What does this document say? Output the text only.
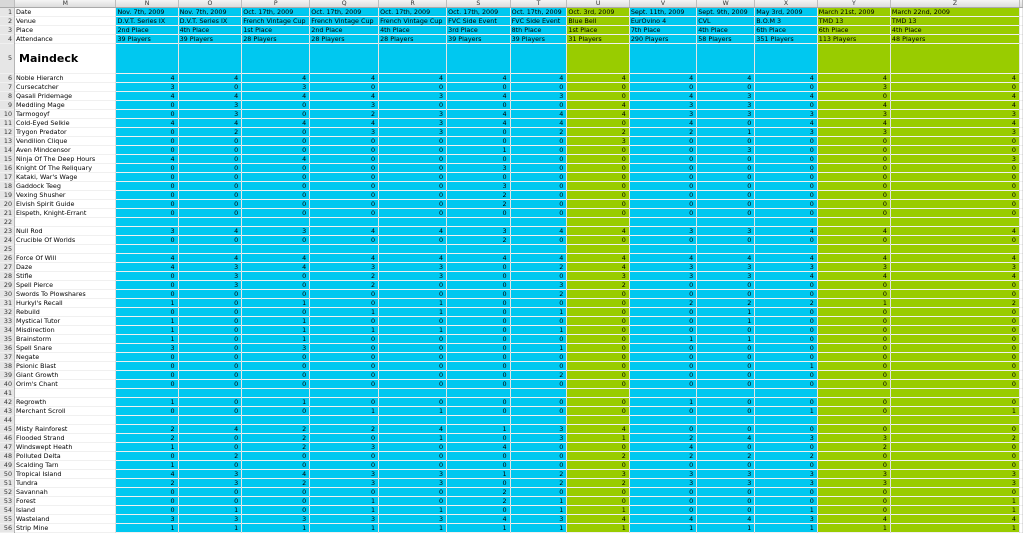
	M	N	O	P	Q	R	S	T	U	V	W	X	Y	Z	
1	Date	Nov. 7th, 2009	Nov. 7th, 2009	Oct. 17th, 2009	Oct. 17th, 2009	Oct. 17th, 2009	Oct. 17th, 2009	Oct. 17th, 2009	Oct. 3rd, 2009	Sept. 11th, 2009	Sept. 9th, 2009	May 3rd, 2009	March 21st, 2009	March 22nd, 2009	
2	Venue	D.V.T. Series IX	D.V.T. Series IX	French Vintage Cup	French Vintage Cup	French Vintage Cup	FVC Side Event	FVC Side Event	Blue Bell	EurOvino 4	CVL	B.O.M 3	TMD 13	TMD 13	
3	Place	2nd Place	4th Place	1st Place	2nd Place	4th Place	3rd Place	8th Place	1st Place	7th Place	4th Place	6th Place	6th Place	4th Place	
4	Attendance	39 Players	39 Players	28 Players	28 Players	28 Players	39 Players	39 Players	31 Players	290 Players	58 Players	351 Players	113 Players	48 Players	
5	Maindeck														
6	Noble Hierarch	4	4	4	4	4	4	4	4	4	4	4	4	4	
7	Cursecatcher	3	0	3	0	0	0	0	0	0	0	0	3	0	
8	Qasali Pridemage	4	4	4	4	3	4	3	0	4	3	4	0	4	
9	Meddling Mage	0	3	0	3	0	0	0	4	3	3	0	4	4	
10	Tarmogoyf	0	3	0	2	3	4	4	4	3	3	3	3	3	
11	Cold-Eyed Selkie	4	4	4	4	3	4	4	0	4	0	4	4	4	
12	Trygon Predator	0	2	0	3	3	0	2	2	2	1	3	3	3	
13	Vendilion Clique	0	0	0	0	0	0	0	3	0	0	0	0	0	
14	Aven Mindcensor	0	0	0	0	0	1	0	0	0	3	0	0	0	
15	Ninja Of The Deep Hours	4	0	4	0	0	0	0	0	0	0	0	0	3	
16	Knight Of The Reliquary	0	0	0	0	0	3	0	0	0	0	0	0	0	
17	Kataki, War's Wage	0	0	0	0	0	0	0	0	0	0	0	0	0	
18	Gaddock Teeg	0	0	0	0	0	3	0	0	0	0	0	0	0	
19	Vexing Shusher	0	0	0	0	0	2	0	0	0	0	0	0	0	
20	Elvish Spirit Guide	0	0	0	0	0	2	0	0	0	0	0	0	0	
21	Elspeth, Knight-Errant	0	0	0	0	0	0	0	0	0	0	0	0	0	
22															
23	Null Rod	3	4	3	4	4	3	4	4	3	3	4	4	4	
24	Crucible Of Worlds	0	0	0	0	0	2	0	0	0	0	0	0	0	
25															
26	Force Of Will	4	4	4	4	4	4	4	4	4	4	4	4	4	
27	Daze	4	3	4	3	3	0	2	4	3	3	3	3	3	
28	Stifle	0	3	0	2	3	0	0	3	3	3	4	4	4	
29	Spell Pierce	0	3	0	2	0	0	3	2	0	0	0	0	0	
30	Swords To Plowshares	0	0	0	0	0	0	2	0	0	0	0	0	0	
31	Hurkyl's Recall	1	0	1	0	1	0	0	0	2	2	2	1	2	
32	Rebuild	0	0	0	1	1	0	1	0	0	1	0	0	0	
33	Mystical Tutor	1	0	1	0	0	0	0	0	0	1	0	0	0	
34	Misdirection	1	0	1	1	1	0	1	0	0	0	0	0	0	
35	Brainstorm	1	0	1	0	0	0	0	0	1	1	0	0	0	
36	Spell Snare	3	0	3	0	0	0	1	0	0	0	0	0	0	
37	Negate	0	0	0	0	0	0	0	0	0	0	0	0	0	
38	Psionic Blast	0	0	0	0	0	0	0	0	0	0	1	0	0	
39	Giant Growth	0	0	0	0	0	0	2	0	0	0	0	0	0	
40	Orim's Chant	0	0	0	0	0	0	0	0	0	0	0	0	0	
41															
42	Regrowth	1	0	1	0	0	0	0	0	1	0	0	0	0	
43	Merchant Scroll	0	0	0	1	1	0	0	0	0	0	1	0	1	
44															
45	Misty Rainforest	2	4	2	2	4	1	3	4	0	0	0	0	0	
46	Flooded Strand	2	0	2	0	1	0	3	1	2	4	3	3	2	
47	Windswept Heath	1	0	2	3	0	4	0	0	4	0	0	2	0	
48	Polluted Delta	0	2	0	0	0	0	0	2	2	2	2	0	0	
49	Scalding Tarn	1	0	0	0	0	0	0	0	0	0	0	0	0	
50	Tropical Island	4	3	4	3	3	1	2	3	3	3	3	3	3	
51	Tundra	2	3	2	3	3	0	2	2	3	3	3	3	3	
52	Savannah	0	0	0	0	0	2	0	0	0	0	0	0	0	
53	Forest	0	0	0	1	0	2	1	0	0	0	0	0	1	
54	Island	0	1	0	1	1	0	1	1	0	0	1	0	1	
55	Wasteland	3	3	3	3	3	4	3	4	4	4	3	4	4	
56	Strip Mine	1	1	1	1	1	1	1	1	1	1	1	1	1	
